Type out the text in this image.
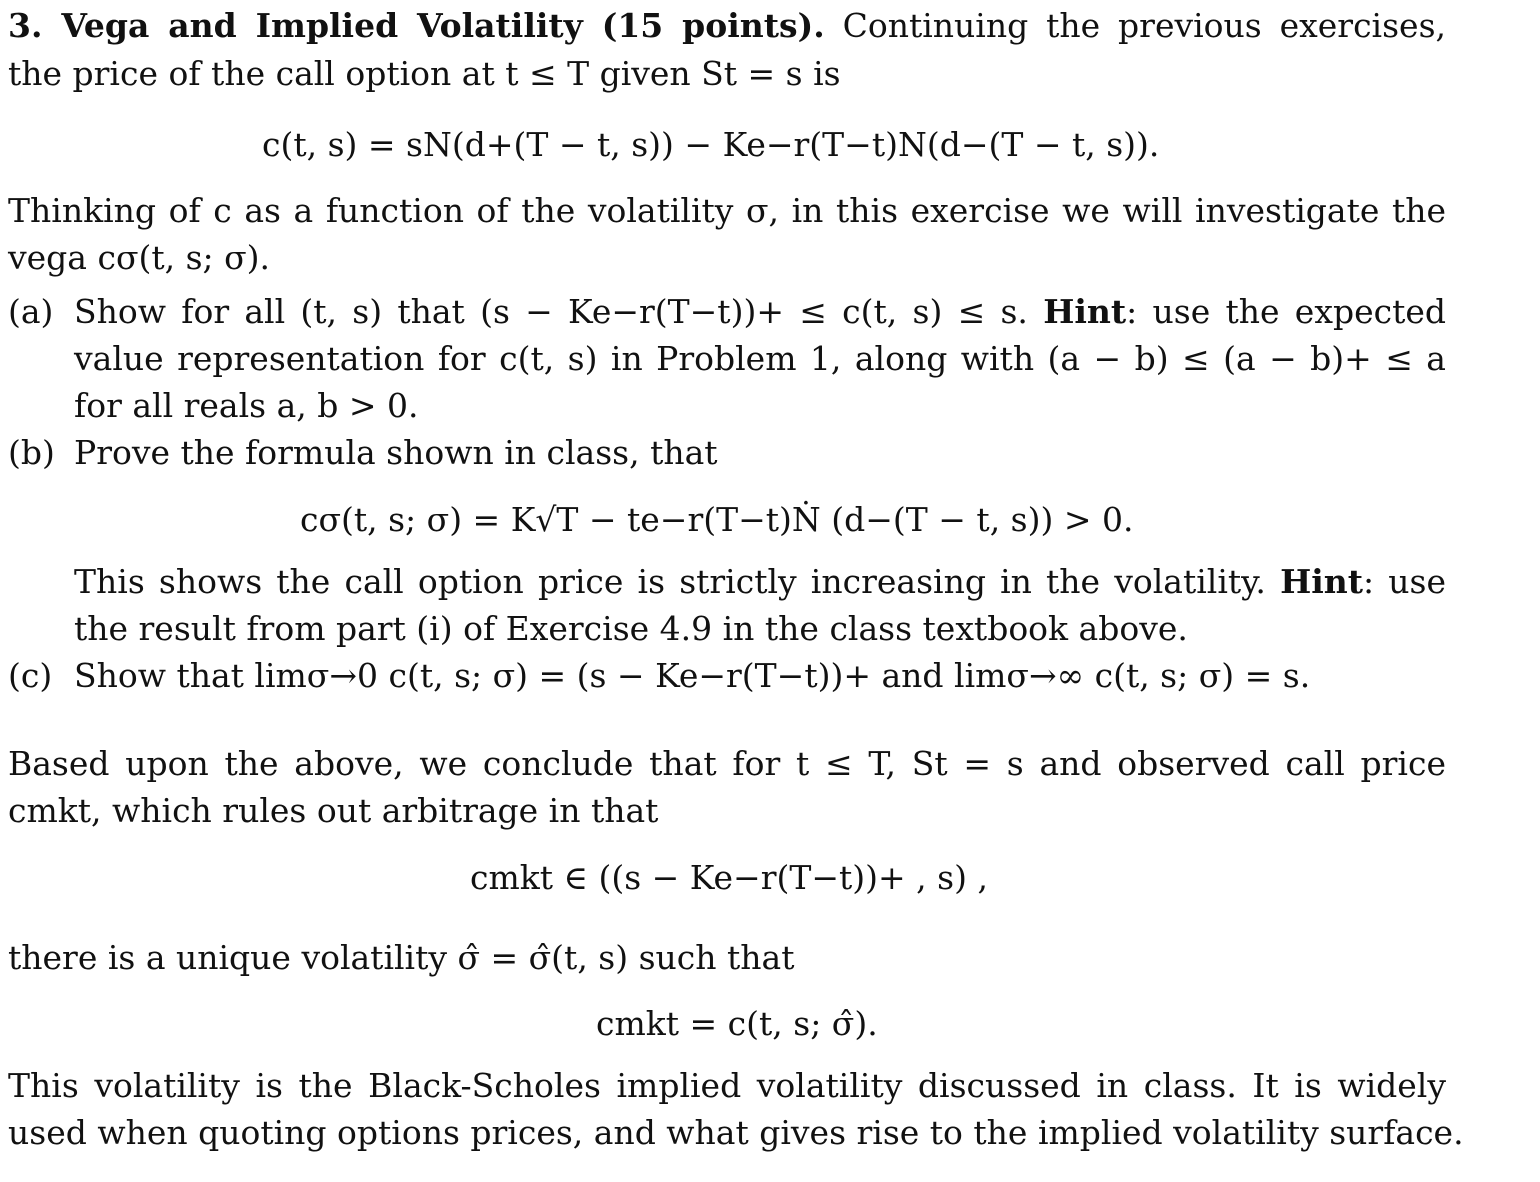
3. Vega and Implied Volatility (15 points). Continuing the previous exercises,
the price of the call option at t ≤ T given St = s is
c(t, s) = sN(d+(T − t, s)) − Ke−r(T−t)N(d−(T − t, s)).
Thinking of c as a function of the volatility σ, in this exercise we will investigate the
vega cσ(t, s; σ).
(a) Show for all (t, s) that (s − Ke−r(T−t))+ ≤ c(t, s) ≤ s. Hint: use the expected
value representation for c(t, s) in Problem 1, along with (a − b) ≤ (a − b)+ ≤ a
for all reals a, b > 0.
(b) Prove the formula shown in class, that
cσ(t, s; σ) = K√T − te−r(T−t)Ṅ (d−(T − t, s)) > 0.
This shows the call option price is strictly increasing in the volatility. Hint: use
the result from part (i) of Exercise 4.9 in the class textbook above.
(c) Show that limσ→0 c(t, s; σ) = (s − Ke−r(T−t))+ and limσ→∞ c(t, s; σ) = s.
Based upon the above, we conclude that for t ≤ T, St = s and observed call price
cmkt, which rules out arbitrage in that
cmkt ∈ ((s − Ke−r(T−t))+ , s) ,
there is a unique volatility σ̂ = σ̂(t, s) such that
cmkt = c(t, s; σ̂).
This volatility is the Black-Scholes implied volatility discussed in class. It is widely
used when quoting options prices, and what gives rise to the implied volatility surface.
